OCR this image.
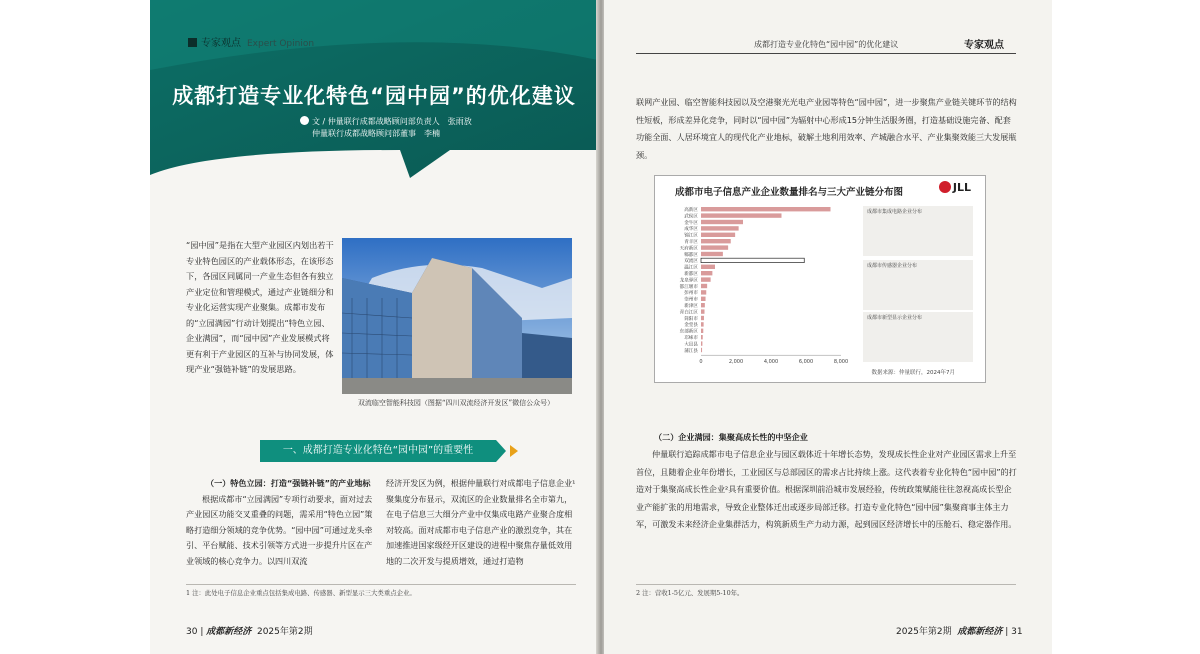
专家观点 Expert Opinion
成都打造专业化特色“园中园”的优化建议
文 / 仲量联行成都战略顾问部负责人　张雨放
仲量联行成都战略顾问部董事　李楠
“园中园”是指在大型产业园区内划出若干专业特色园区的产业载体形态，在该形态下，各园区同属同一产业生态但各有独立产业定位和管理模式，通过产业链细分和专业化运营实现产业聚集。成都市发布的“立园满园”行动计划提出“特色立园、企业满园”，而“园中园”产业发展模式将更有利于产业园区的互补与协同发展，体现产业“强链补链”的发展思路。
双流临空智能科技园（图据“四川双流经济开发区”微信公众号）
一、成都打造专业化特色“园中园”的重要性
（一）特色立园：打造“强链补链”的产业地标
根据成都市“立园满园”专项行动要求，面对过去产业园区功能交叉重叠的问题，需采用“特色立园”策略打造细分领域的竞争优势。“园中园”可通过龙头牵引、平台赋能、技术引领等方式进一步提升片区在产业领域的核心竞争力。以四川双流
经济开发区为例，根据仲量联行对成都电子信息企业¹聚集度分布显示，双流区的企业数量排名全市第九，在电子信息三大细分产业中仅集成电路产业聚合度相对较高。面对成都市电子信息产业的激烈竞争，其在加速推进国家级经开区建设的进程中聚焦存量低效用地的二次开发与提质增效，通过打造物
1 注：此处电子信息企业重点包括集成电路、传感器、新型显示三大类重点企业。
30 | 成都新经济 2025年第2期
成都打造专业化特色“园中园”的优化建议	专家观点
联网产业园、临空智能科技园以及空港聚光光电产业园等特色“园中园”，进一步聚焦产业链关键环节的结构性短板，形成差异化竞争，同时以“园中园”为辐射中心形成15分钟生活服务圈，打造基础设施完备、配套功能全面、人居环境宜人的现代化产业地标，破解土地利用效率、产城融合水平、产业集聚效能三大发展瓶颈。
成都市电子信息产业企业数量排名与三大产业链分布图	JLL
高新区
武侯区
金牛区
成华区
锦江区
青羊区
天府新区
郫都区
双流区
温江区
新都区
龙泉驿区
都江堰市
彭州市
崇州市
新津区
青白江区
简阳市
金堂县
东部新区
邛崃市
大邑县
蒲江县
0	2,000	4,000	6,000	8,000
成都市集成电路企业分布
成都市传感器企业分布
成都市新型显示企业分布
数据来源：仲量联行，2024年7月
（二）企业满园：集聚高成长性的中坚企业
仲量联行追踪成都市电子信息企业与园区载体近十年增长态势，发现成长性企业对产业园区需求上升至首位，且随着企业年份增长，工业园区与总部园区的需求占比持续上涨。这代表着专业化特色“园中园”的打造对于集聚高成长性企业²具有重要价值。根据深圳前沿城市发展经验，传统政策赋能往往忽视高成长型企业产能扩张的用地需求，导致企业整体迁出或逐步局部迁移。打造专业化特色“园中园”集聚商事主体主力军，可激发未来经济企业集群活力，构筑新质生产力动力源，起到园区经济增长中的压舱石、稳定器作用。
2 注：营收1-5亿元、发展期5-10年。
2025年第2期 成都新经济 | 31
